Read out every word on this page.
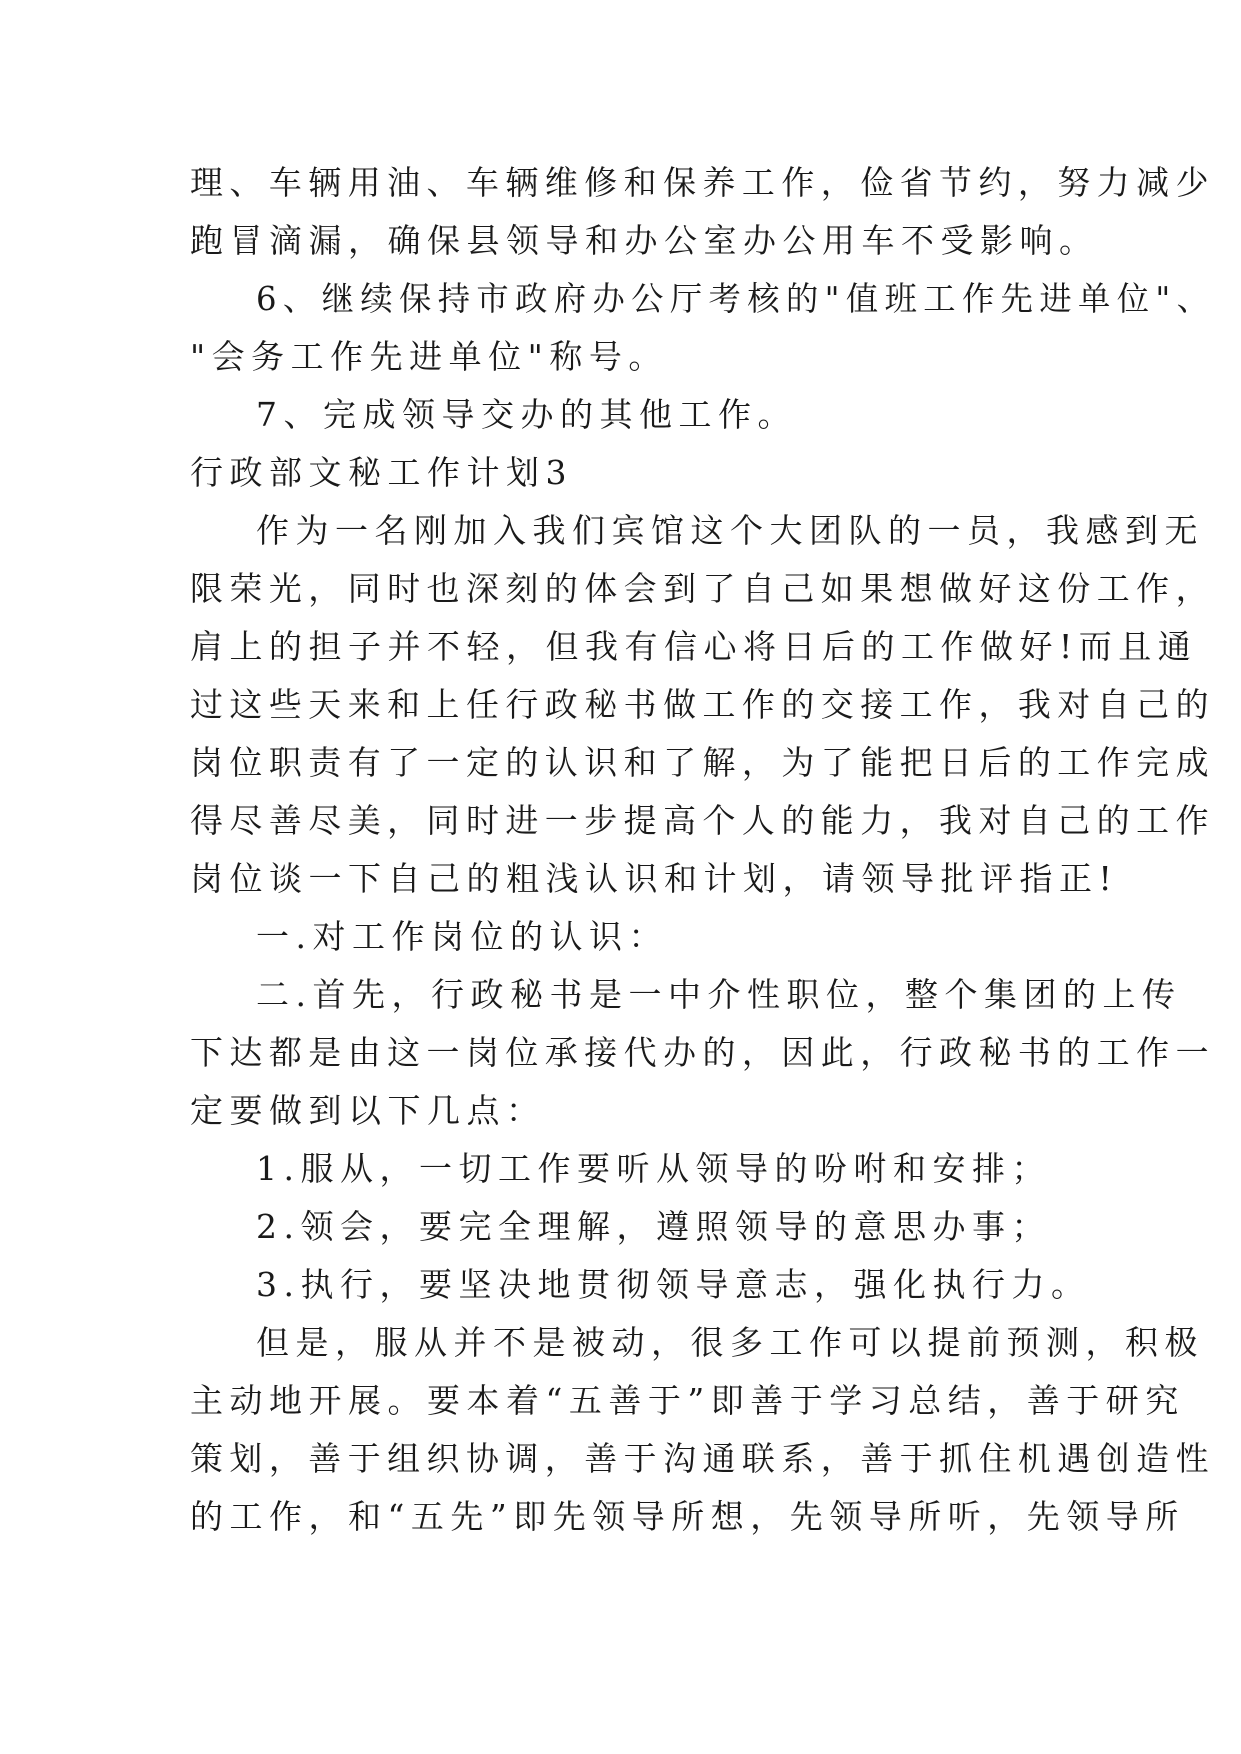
理、车辆用油、车辆维修和保养工作，俭省节约，努力减少
跑冒滴漏，确保县领导和办公室办公用车不受影响。
6、继续保持市政府办公厅考核的"值班工作先进单位"、
"会务工作先进单位"称号。
7、完成领导交办的其他工作。
行政部文秘工作计划3
作为一名刚加入我们宾馆这个大团队的一员，我感到无
限荣光，同时也深刻的体会到了自己如果想做好这份工作，
肩上的担子并不轻，但我有信心将日后的工作做好!而且通
过这些天来和上任行政秘书做工作的交接工作，我对自己的
岗位职责有了一定的认识和了解，为了能把日后的工作完成
得尽善尽美，同时进一步提高个人的能力，我对自己的工作
岗位谈一下自己的粗浅认识和计划，请领导批评指正!
一.对工作岗位的认识：
二.首先，行政秘书是一中介性职位，整个集团的上传
下达都是由这一岗位承接代办的，因此，行政秘书的工作一
定要做到以下几点：
1.服从，一切工作要听从领导的吩咐和安排；
2.领会，要完全理解，遵照领导的意思办事；
3.执行，要坚决地贯彻领导意志，强化执行力。
但是，服从并不是被动，很多工作可以提前预测，积极
主动地开展。要本着“五善于”即善于学习总结，善于研究
策划，善于组织协调，善于沟通联系，善于抓住机遇创造性
的工作，和“五先”即先领导所想，先领导所听，先领导所
